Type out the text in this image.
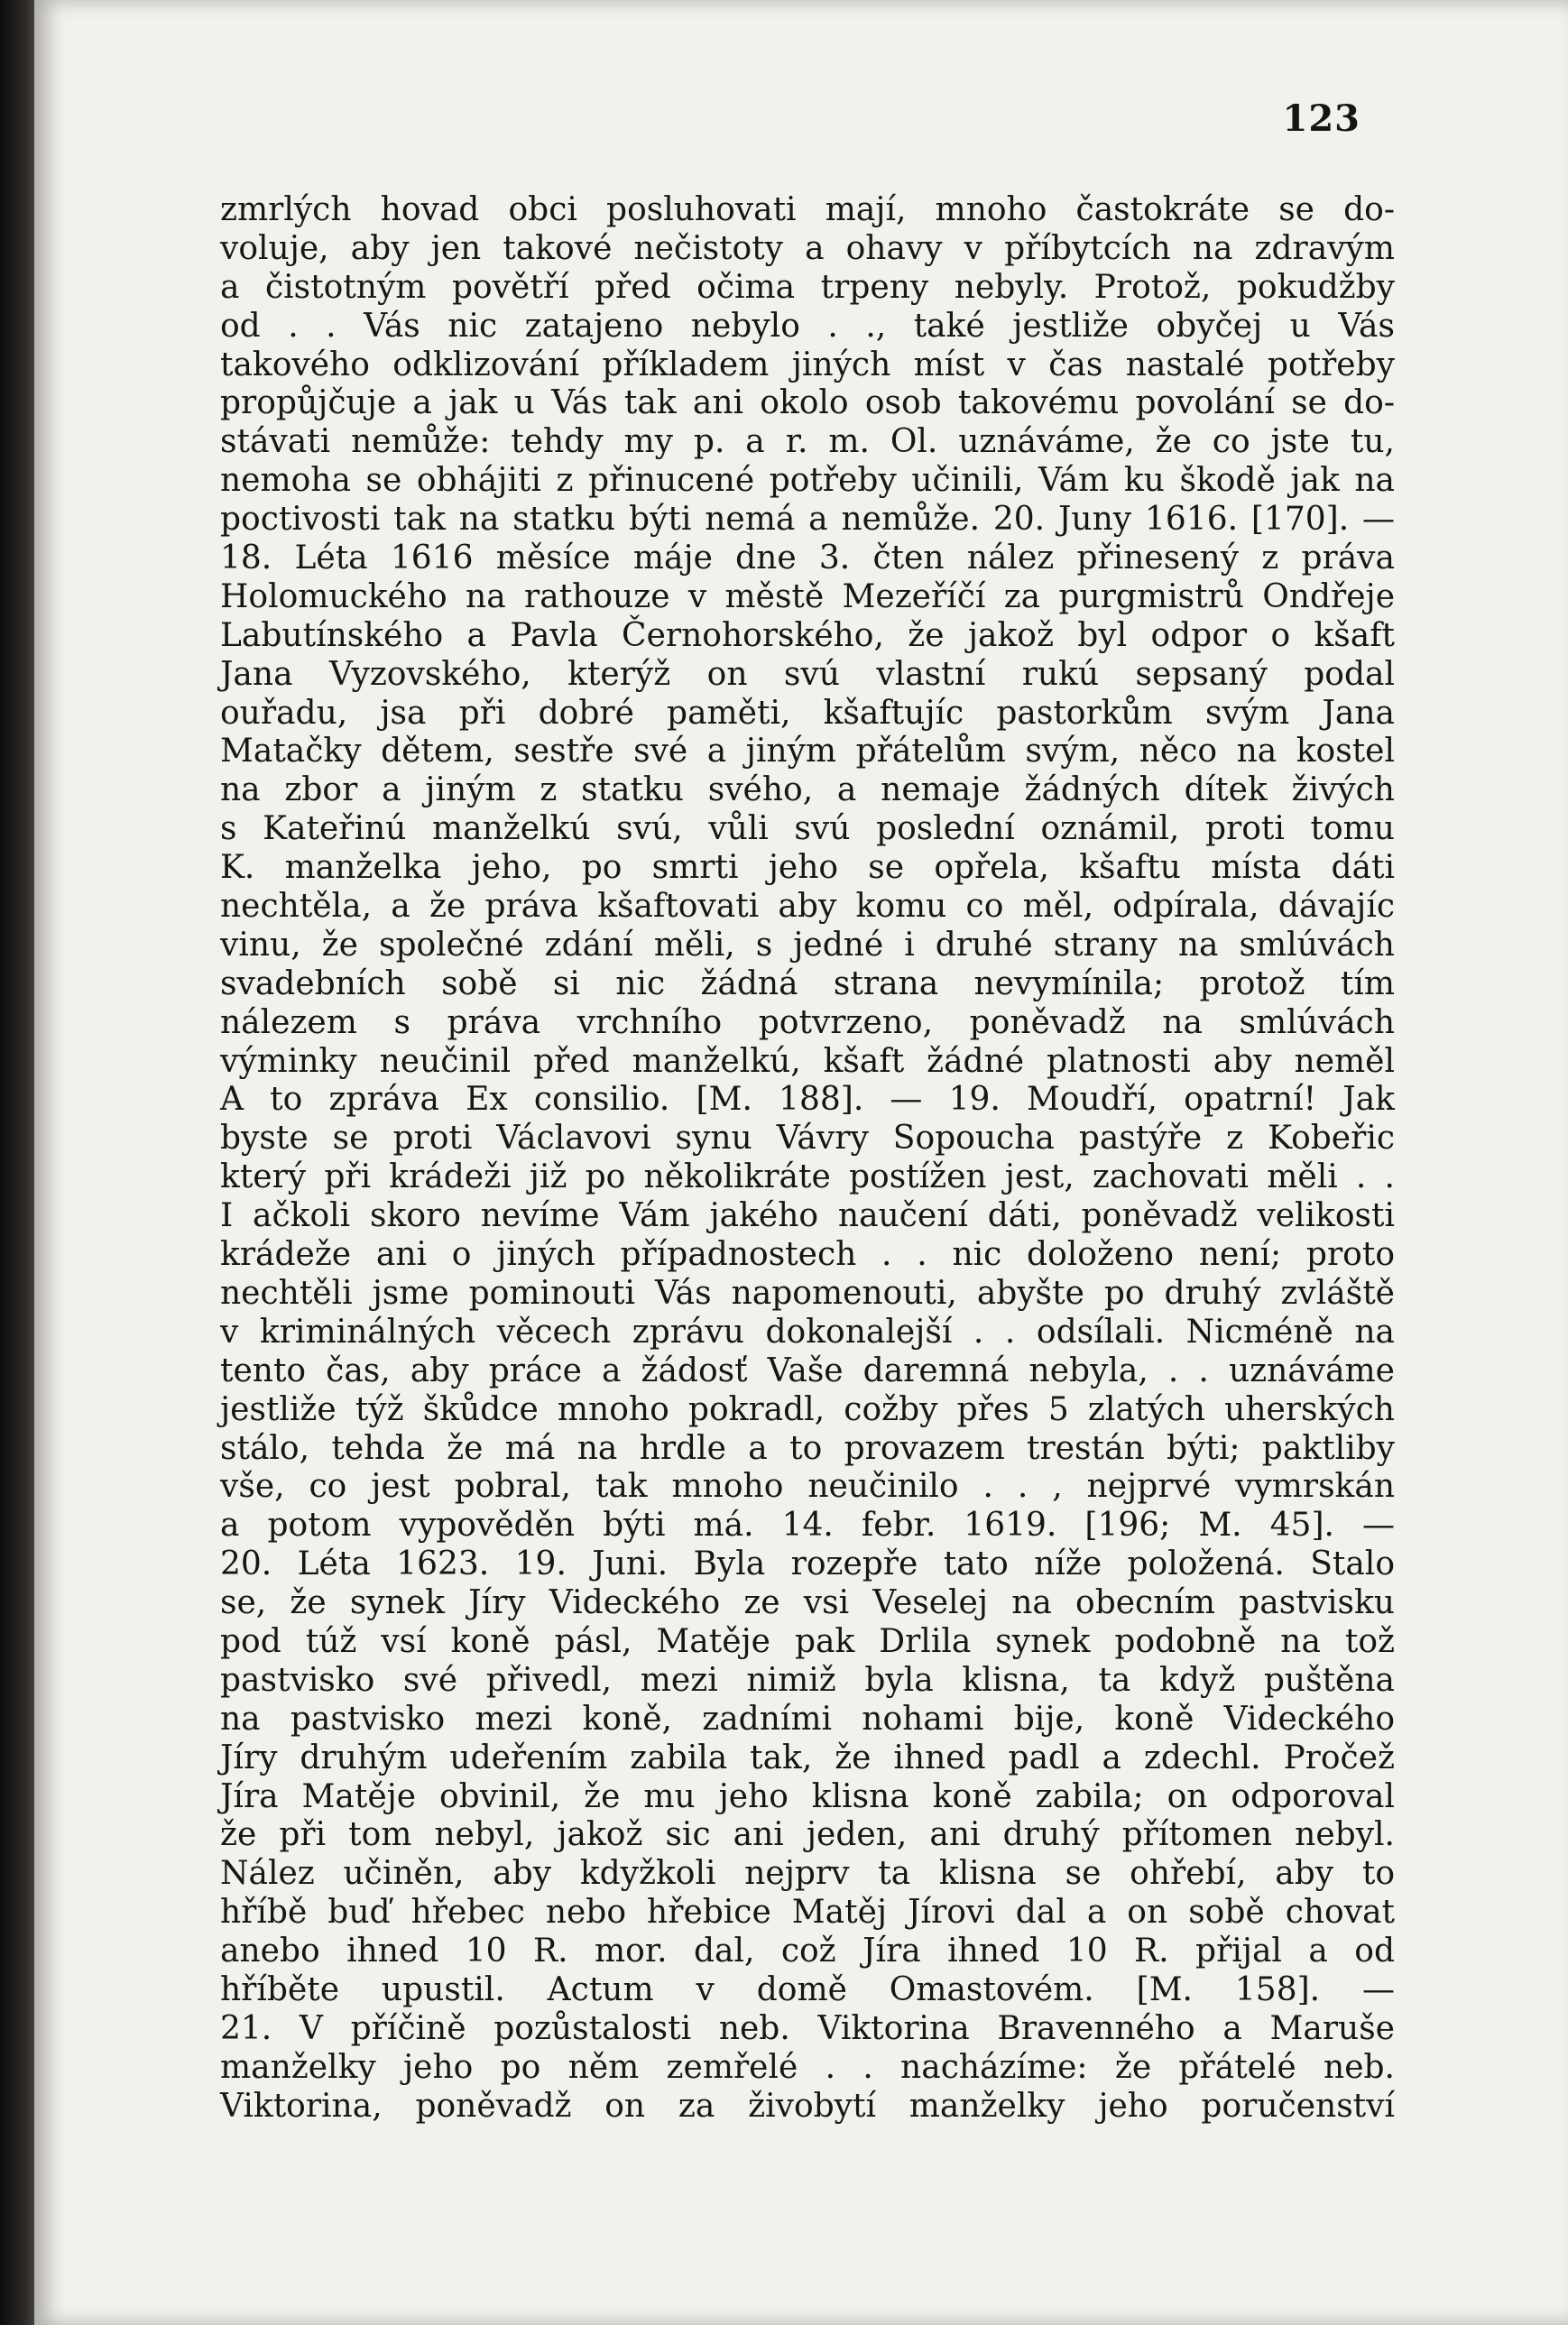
123
zmrlých hovad obci posluhovati mají, mnoho častokráte se do-
voluje, aby jen takové nečistoty a ohavy v příbytcích na zdravým
a čistotným povětří před očima trpeny nebyly. Protož, pokudžby
od . . Vás nic zatajeno nebylo . ., také jestliže obyčej u Vás
takového odklizování příkladem jiných míst v čas nastalé potřeby
propůjčuje a jak u Vás tak ani okolo osob takovému povolání se do-
stávati nemůže: tehdy my p. a r. m. Ol. uznáváme, že co jste tu,
nemoha se obhájiti z přinucené potřeby učinili, Vám ku škodě jak na
poctivosti tak na statku býti nemá a nemůže. 20. Juny 1616. [170]. —
18. Léta 1616 měsíce máje dne 3. čten nález přinesený z práva
Holomuckého na rathouze v městě Mezeříčí za purgmistrů Ondřeje
Labutínského a Pavla Černohorského, že jakož byl odpor o kšaft
Jana Vyzovského, kterýž on svú vlastní rukú sepsaný podal
ouřadu, jsa při dobré paměti, kšaftujíc pastorkům svým Jana
Matačky dětem, sestře své a jiným přátelům svým, něco na kostel
na zbor a jiným z statku svého, a nemaje žádných dítek živých
s Kateřinú manželkú svú, vůli svú poslední oznámil, proti tomu
K. manželka jeho, po smrti jeho se opřela, kšaftu místa dáti
nechtěla, a že práva kšaftovati aby komu co měl, odpírala, dávajíc
vinu, že společné zdání měli, s jedné i druhé strany na smlúvách
svadebních sobě si nic žádná strana nevymínila; protož tím
nálezem s práva vrchního potvrzeno, poněvadž na smlúvách
výminky neučinil před manželkú, kšaft žádné platnosti aby neměl
A to zpráva Ex consilio. [M. 188]. — 19. Moudří, opatrní! Jak
byste se proti Václavovi synu Vávry Sopoucha pastýře z Kobeřic
který při krádeži již po několikráte postížen jest, zachovati měli . .
I ačkoli skoro nevíme Vám jakého naučení dáti, poněvadž velikosti
krádeže ani o jiných případnostech . . nic doloženo není; proto
nechtěli jsme pominouti Vás napomenouti, abyšte po druhý zvláště
v kriminálných věcech zprávu dokonalejší . . odsílali. Nicméně na
tento čas, aby práce a žádosť Vaše daremná nebyla, . . uznáváme
jestliže týž škůdce mnoho pokradl, cožby přes 5 zlatých uherských
stálo, tehda že má na hrdle a to provazem trestán býti; paktliby
vše, co jest pobral, tak mnoho neučinilo . . , nejprvé vymrskán
a potom vypověděn býti má. 14. febr. 1619. [196; M. 45]. —
20. Léta 1623. 19. Juni. Byla rozepře tato níže položená. Stalo
se, že synek Jíry Videckého ze vsi Veselej na obecním pastvisku
pod túž vsí koně pásl, Matěje pak Drlila synek podobně na tož
pastvisko své přivedl, mezi nimiž byla klisna, ta když puštěna
na pastvisko mezi koně, zadními nohami bije, koně Videckého
Jíry druhým udeřením zabila tak, že ihned padl a zdechl. Pročež
Jíra Matěje obvinil, že mu jeho klisna koně zabila; on odporoval
že při tom nebyl, jakož sic ani jeden, ani druhý přítomen nebyl.
Nález učiněn, aby kdyžkoli nejprv ta klisna se ohřebí, aby to
hříbě buď hřebec nebo hřebice Matěj Jírovi dal a on sobě chovat
anebo ihned 10 R. mor. dal, což Jíra ihned 10 R. přijal a od
hříběte upustil. Actum v domě Omastovém. [M. 158]. —
21. V příčině pozůstalosti neb. Viktorina Bravenného a Maruše
manželky jeho po něm zemřelé . . nacházíme: že přátelé neb.
Viktorina, poněvadž on za živobytí manželky jeho poručenství
